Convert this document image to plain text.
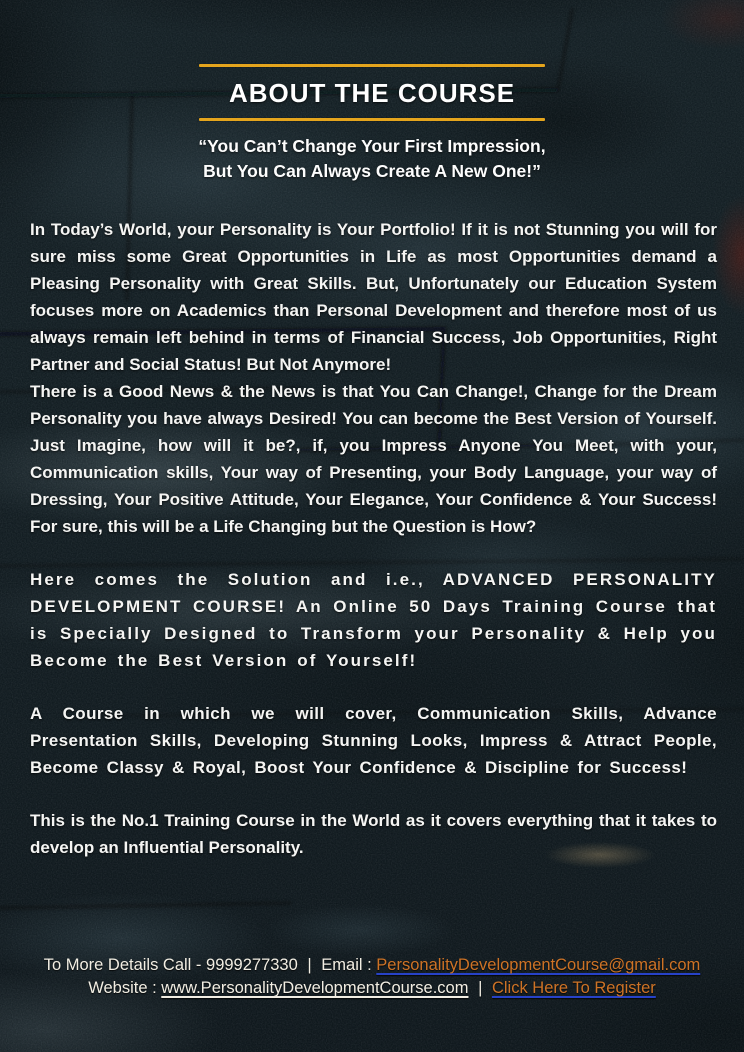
ABOUT THE COURSE

“You Can’t Change Your First Impression,
But You Can Always Create A New One!”

In Today’s World, your Personality is Your Portfolio! If it is not Stunning you will for sure miss some Great Opportunities in Life as most Opportunities demand a Pleasing Personality with Great Skills. But, Unfortunately our Education System focuses more on Academics than Personal Development and therefore most of us always remain left behind in terms of Financial Success, Job Opportunities, Right Partner and Social Status! But Not Anymore!

There is a Good News & the News is that You Can Change!, Change for the Dream Personality you have always Desired! You can become the Best Version of Yourself. Just Imagine, how will it be?, if, you Impress Anyone You Meet, with your, Communication skills, Your way of Presenting, your Body Language, your way of Dressing, Your Positive Attitude, Your Elegance, Your Confidence & Your Success! For sure, this will be a Life Changing but the Question is How?

Here comes the Solution and i.e., ADVANCED PERSONALITY DEVELOPMENT COURSE! An Online 50 Days Training Course that is Specially Designed to Transform your Personality & Help you Become the Best Version of Yourself!

A Course in which we will cover, Communication Skills, Advance Presentation Skills, Developing Stunning Looks, Impress & Attract People, Become Classy & Royal, Boost Your Confidence & Discipline for Success!

This is the No.1 Training Course in the World as it covers everything that it takes to develop an Influential Personality.

To More Details Call - 9999277330 | Email : PersonalityDevelopmentCourse@gmail.com
Website : www.PersonalityDevelopmentCourse.com | Click Here To Register
